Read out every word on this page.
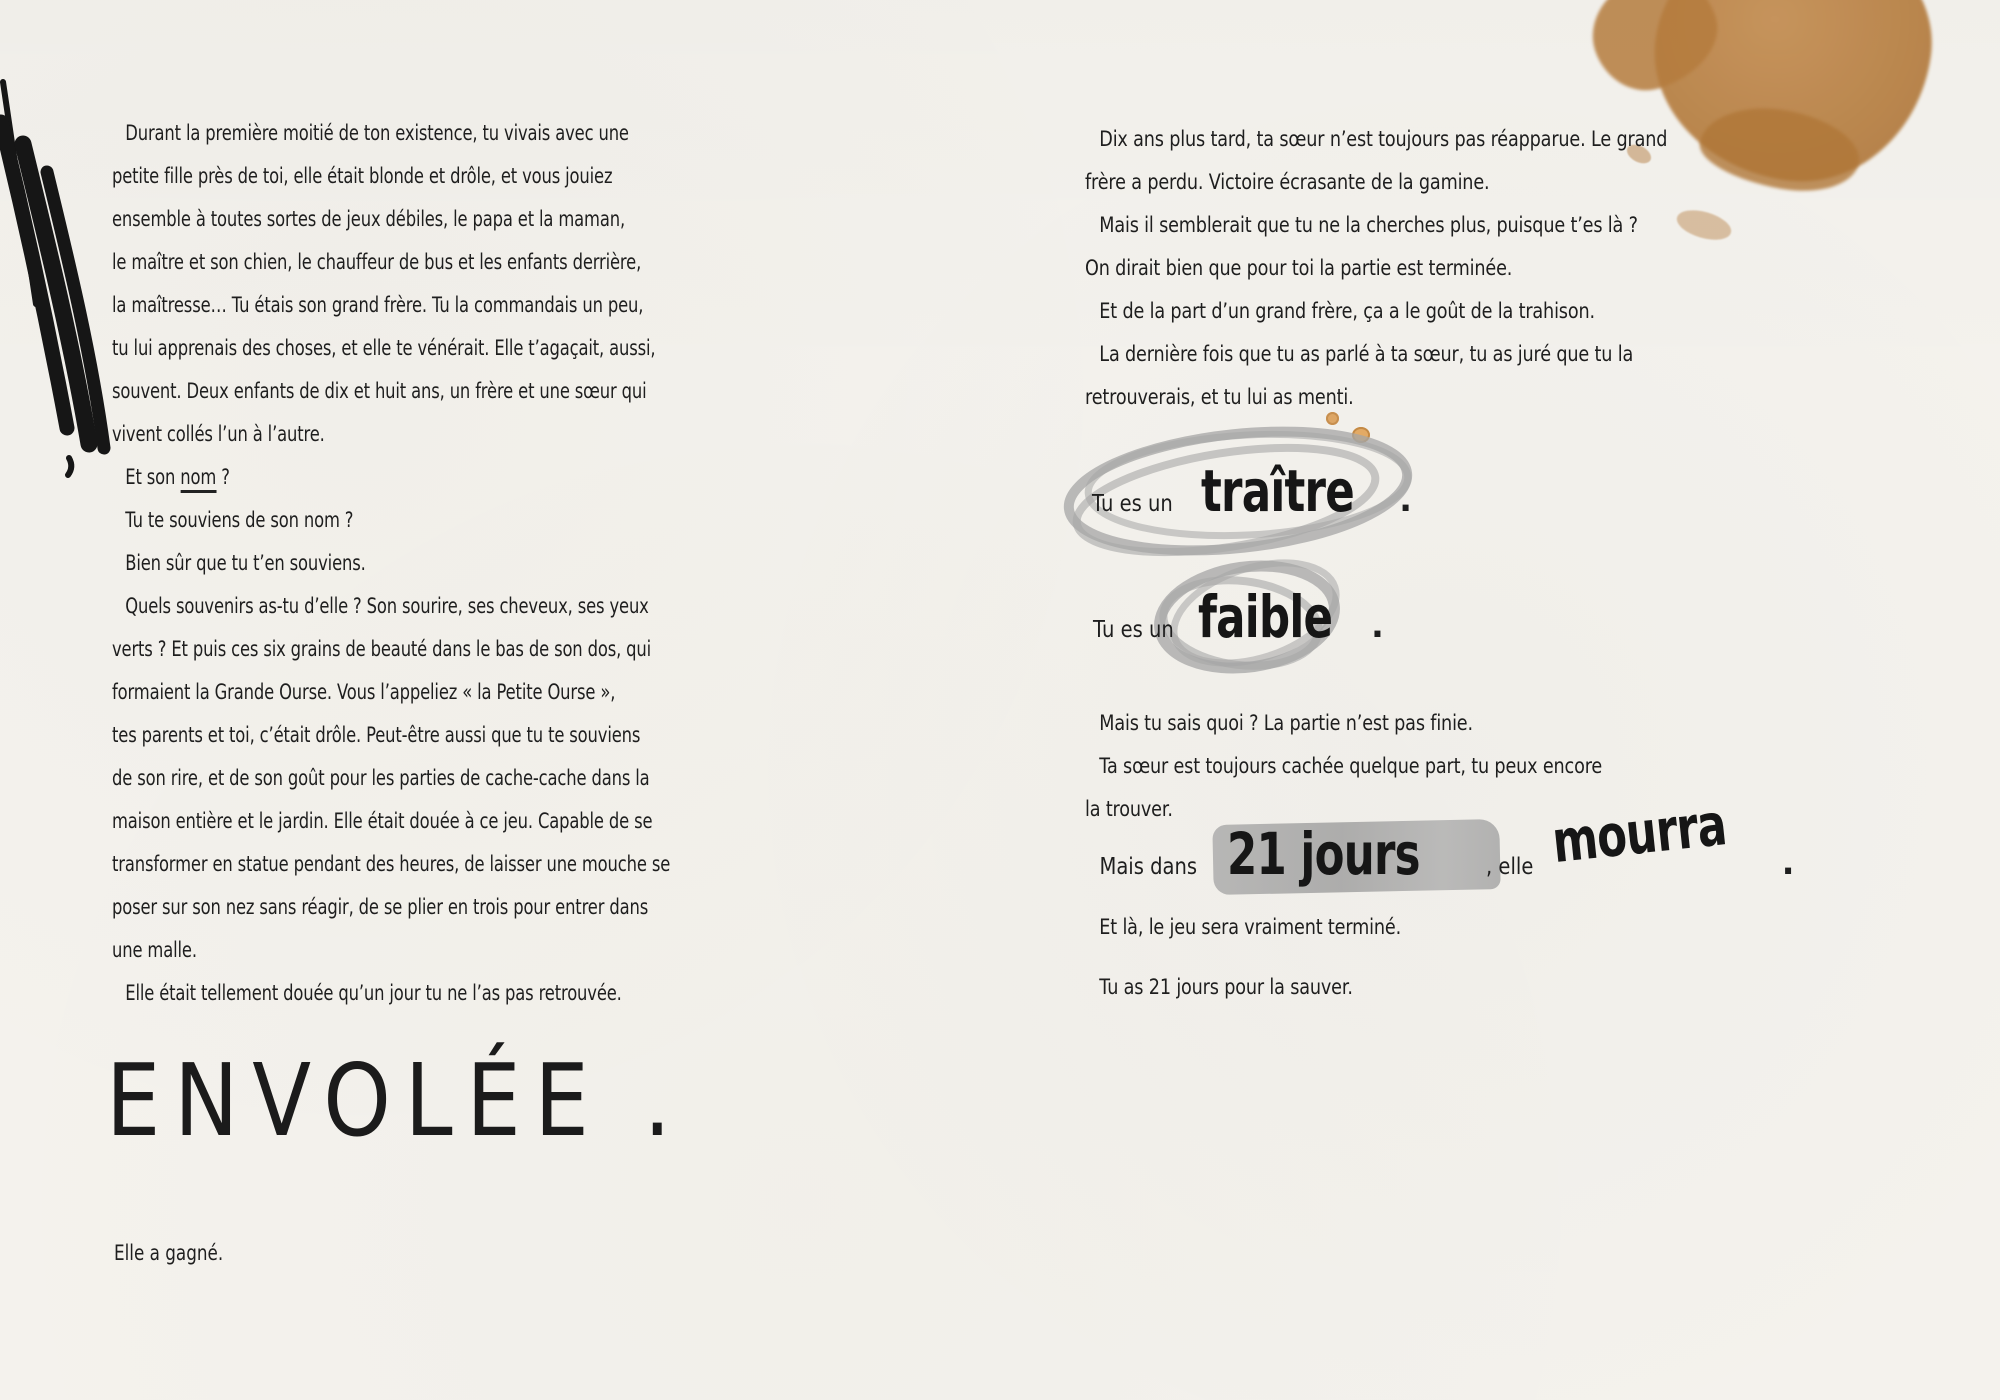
Durant la première moitié de ton existence, tu vivais avec une
petite fille près de toi, elle était blonde et drôle, et vous jouiez
ensemble à toutes sortes de jeux débiles, le papa et la maman,
le maître et son chien, le chauffeur de bus et les enfants derrière,
la maîtresse… Tu étais son grand frère. Tu la commandais un peu,
tu lui apprenais des choses, et elle te vénérait. Elle t’agaçait, aussi,
souvent. Deux enfants de dix et huit ans, un frère et une sœur qui
vivent collés l’un à l’autre.
Et son nom ?
Tu te souviens de son nom ?
Bien sûr que tu t’en souviens.
Quels souvenirs as-tu d’elle ? Son sourire, ses cheveux, ses yeux
verts ? Et puis ces six grains de beauté dans le bas de son dos, qui
formaient la Grande Ourse. Vous l’appeliez « la Petite Ourse »,
tes parents et toi, c’était drôle. Peut-être aussi que tu te souviens
de son rire, et de son goût pour les parties de cache-cache dans la
maison entière et le jardin. Elle était douée à ce jeu. Capable de se
transformer en statue pendant des heures, de laisser une mouche se
poser sur son nez sans réagir, de se plier en trois pour entrer dans
une malle.
Elle était tellement douée qu’un jour tu ne l’as pas retrouvée.
ENVOLÉE .
Elle a gagné.
Dix ans plus tard, ta sœur n’est toujours pas réapparue. Le grand
frère a perdu. Victoire écrasante de la gamine.
Mais il semblerait que tu ne la cherches plus, puisque t’es là ?
On dirait bien que pour toi la partie est terminée.
Et de la part d’un grand frère, ça a le goût de la trahison.
La dernière fois que tu as parlé à ta sœur, tu as juré que tu la
retrouverais, et tu lui as menti.
Tu es un traître .
Tu es un faible .
Mais tu sais quoi ? La partie n’est pas finie.
Ta sœur est toujours cachée quelque part, tu peux encore
la trouver.
Mais dans 21 jours	, elle mourra .
Et là, le jeu sera vraiment terminé.
Tu as 21 jours pour la sauver.
